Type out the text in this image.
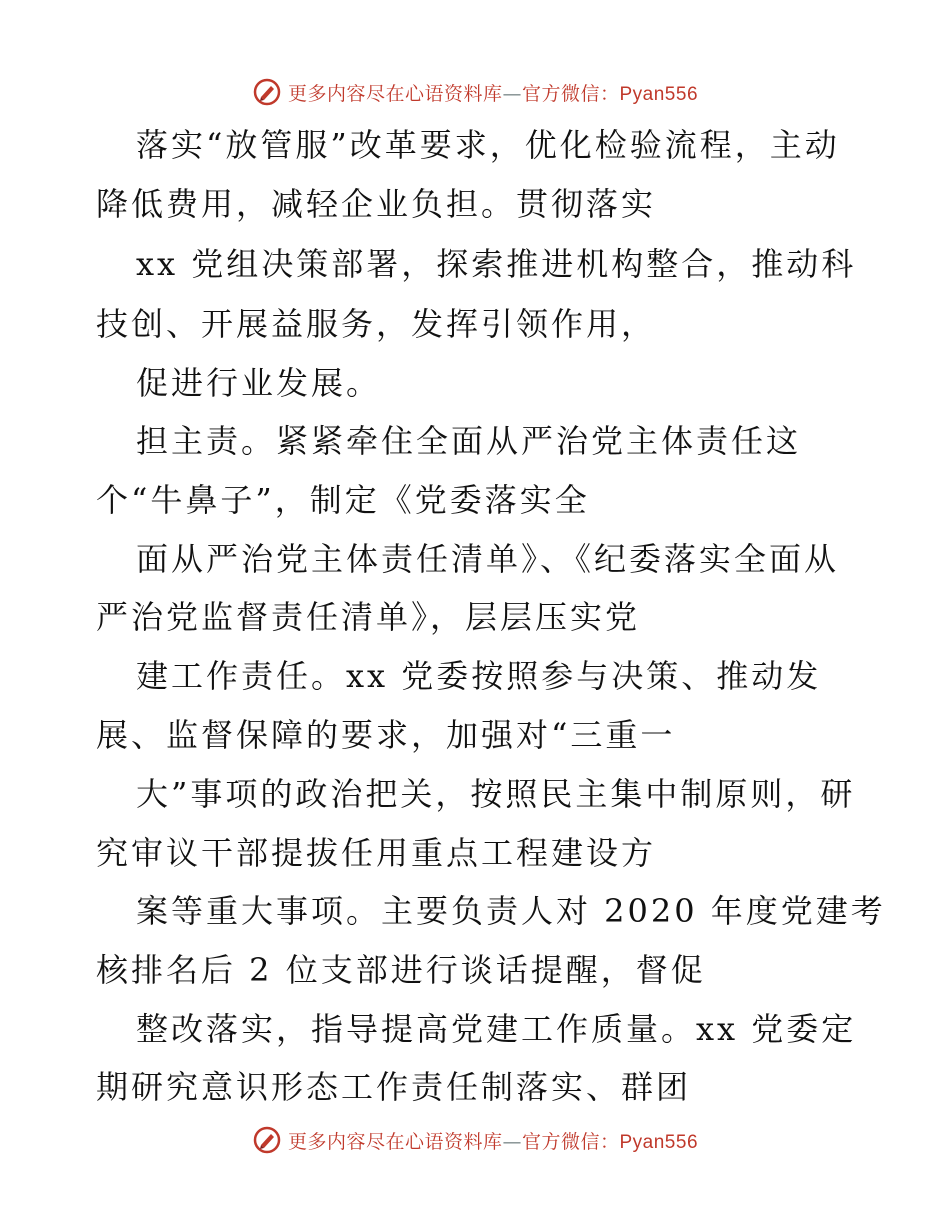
更多内容尽在心语资料库—官方微信：Pyan556
落实“放管服”改革要求，优化检验流程，主动
降低费用，减轻企业负担。贯彻落实
xx 党组决策部署，探索推进机构整合，推动科
技创、开展益服务，发挥引领作用，
促进行业发展。
担主责。紧紧牵住全面从严治党主体责任这
个“牛鼻子”，制定《党委落实全
面从严治党主体责任清单》、《纪委落实全面从
严治党监督责任清单》，层层压实党
建工作责任。xx 党委按照参与决策、推动发
展、监督保障的要求，加强对“三重一
大”事项的政治把关，按照民主集中制原则，研
究审议干部提拔任用重点工程建设方
案等重大事项。主要负责人对 2020 年度党建考
核排名后 2 位支部进行谈话提醒，督促
整改落实，指导提高党建工作质量。xx 党委定
期研究意识形态工作责任制落实、群团
更多内容尽在心语资料库—官方微信：Pyan556
